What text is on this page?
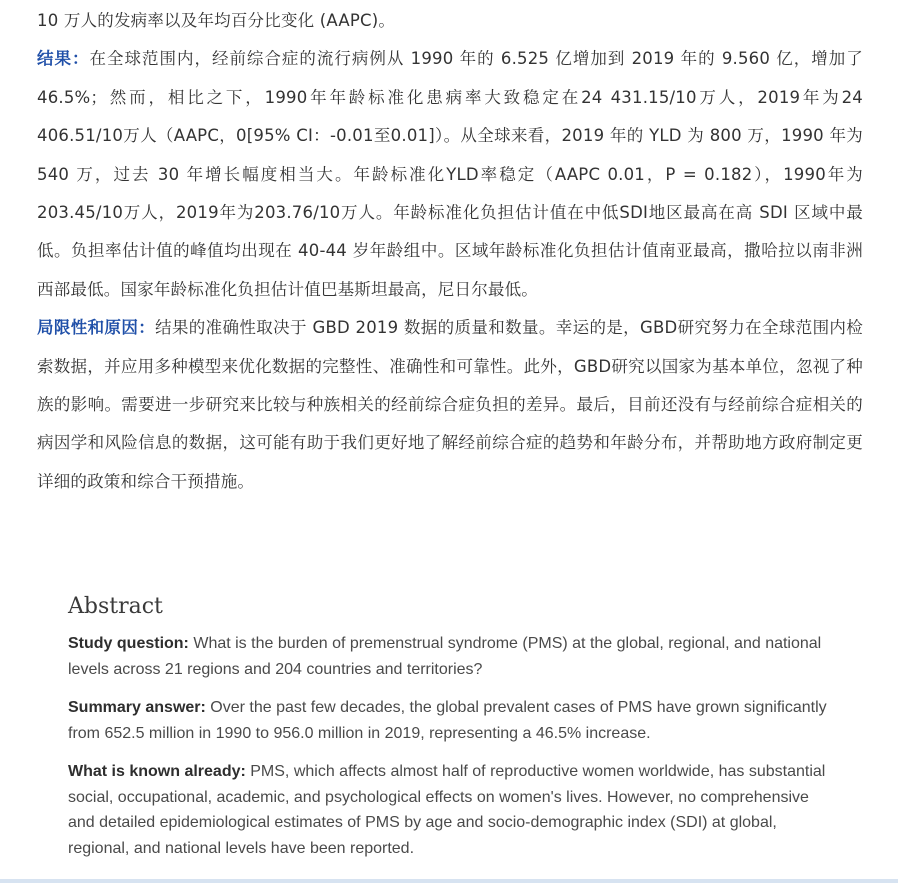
10 万人的发病率以及年均百分比变化 (AAPC)。

结果：在全球范围内，经前综合症的流行病例从 1990 年的 6.525 亿增加到 2019 年的 9.560 亿，增加了 46.5%；然而，相比之下，1990年年龄标准化患病率大致稳定在24 431.15/10万人，2019年为24 406.51/10万人（AAPC，0[95% CI：-0.01至0.01]）。从全球来看，2019 年的 YLD 为 800 万，1990 年为 540 万，过去 30 年增长幅度相当大。年龄标准化YLD率稳定（AAPC 0.01，P = 0.182），1990年为203.45/10万人，2019年为203.76/10万人。年龄标准化负担估计值在中低SDI地区最高在高 SDI 区域中最低。负担率估计值的峰值均出现在 40-44 岁年龄组中。区域年龄标准化负担估计值南亚最高，撒哈拉以南非洲西部最低。国家年龄标准化负担估计值巴基斯坦最高，尼日尔最低。

局限性和原因：结果的准确性取决于 GBD 2019 数据的质量和数量。幸运的是，GBD研究努力在全球范围内检索数据，并应用多种模型来优化数据的完整性、准确性和可靠性。此外，GBD研究以国家为基本单位，忽视了种族的影响。需要进一步研究来比较与种族相关的经前综合症负担的差异。最后，目前还没有与经前综合症相关的病因学和风险信息的数据，这可能有助于我们更好地了解经前综合症的趋势和年龄分布，并帮助地方政府制定更详细的政策和综合干预措施。

Abstract

Study question: What is the burden of premenstrual syndrome (PMS) at the global, regional, and national levels across 21 regions and 204 countries and territories?

Summary answer: Over the past few decades, the global prevalent cases of PMS have grown significantly from 652.5 million in 1990 to 956.0 million in 2019, representing a 46.5% increase.

What is known already: PMS, which affects almost half of reproductive women worldwide, has substantial social, occupational, academic, and psychological effects on women's lives. However, no comprehensive and detailed epidemiological estimates of PMS by age and socio-demographic index (SDI) at global, regional, and national levels have been reported.
